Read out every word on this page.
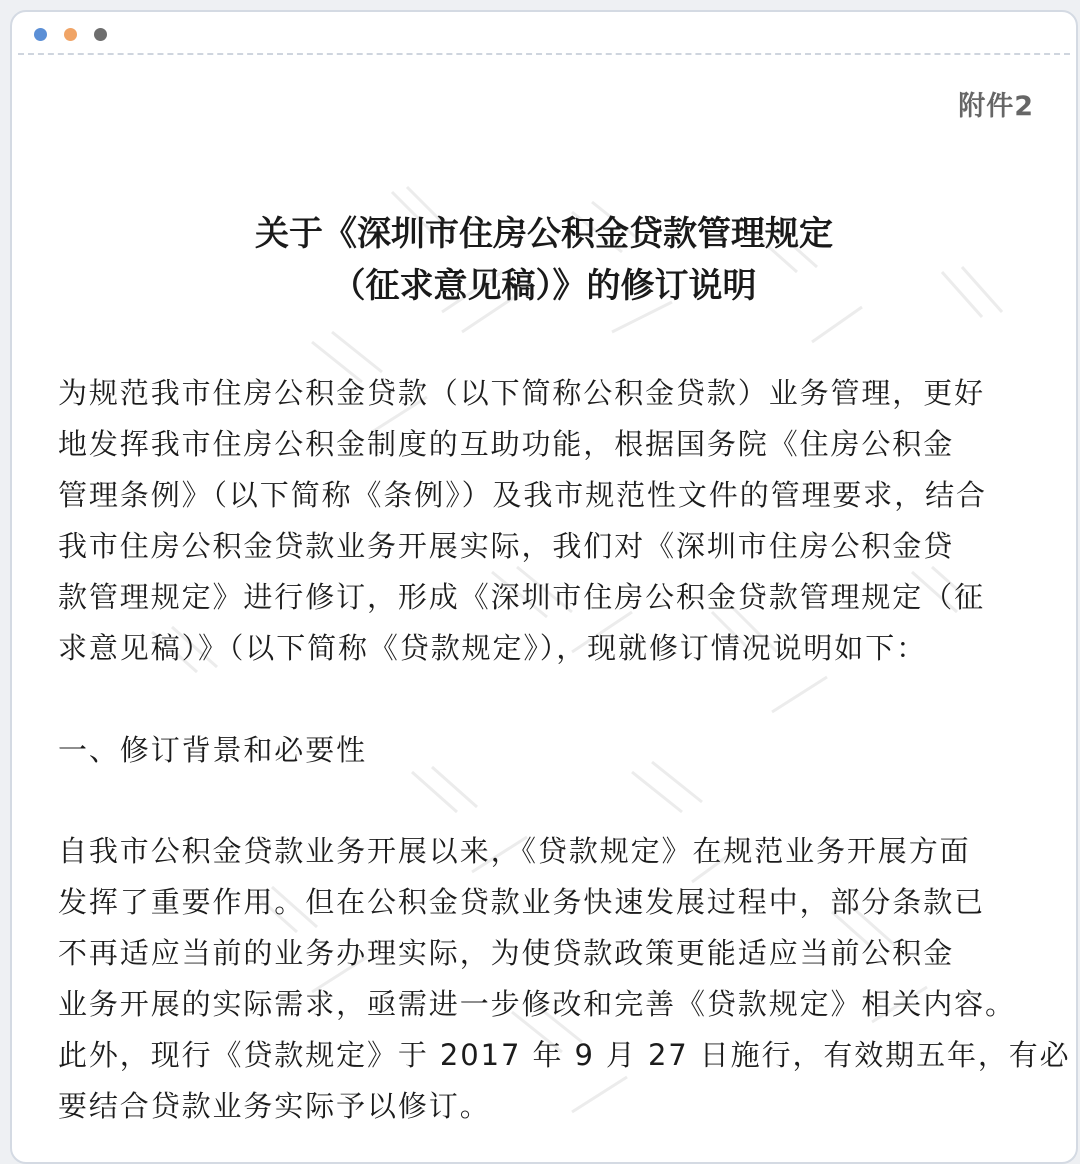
附件2
关于《深圳市住房公积金贷款管理规定
（征求意见稿）》的修订说明
为规范我市住房公积金贷款（以下简称公积金贷款）业务管理，更好
地发挥我市住房公积金制度的互助功能，根据国务院《住房公积金
管理条例》（以下简称《条例》）及我市规范性文件的管理要求，结合
我市住房公积金贷款业务开展实际，我们对《深圳市住房公积金贷
款管理规定》进行修订，形成《深圳市住房公积金贷款管理规定（征
求意见稿）》（以下简称《贷款规定》），现就修订情况说明如下：
一、修订背景和必要性
自我市公积金贷款业务开展以来，《贷款规定》在规范业务开展方面
发挥了重要作用。但在公积金贷款业务快速发展过程中，部分条款已
不再适应当前的业务办理实际，为使贷款政策更能适应当前公积金
业务开展的实际需求，亟需进一步修改和完善《贷款规定》相关内容。
此外，现行《贷款规定》于 2017 年 9 月 27 日施行，有效期五年，有必
要结合贷款业务实际予以修订。
